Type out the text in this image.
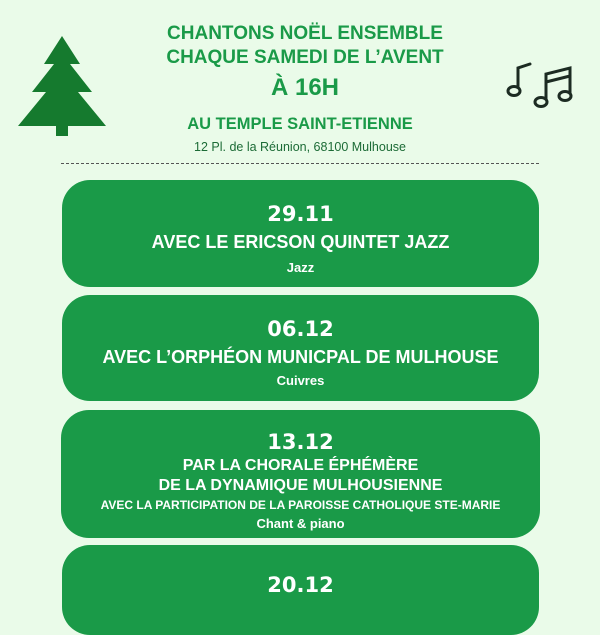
CHANTONS NOËL ENSEMBLE
CHAQUE SAMEDI DE L’AVENT
À 16H
AU TEMPLE SAINT-ETIENNE
12 Pl. de la Réunion, 68100 Mulhouse
29.11
AVEC LE ERICSON QUINTET JAZZ
Jazz
06.12
AVEC L’ORPHÉON MUNICPAL DE MULHOUSE
Cuivres
13.12
PAR LA CHORALE ÉPHÉMÈRE
DE LA DYNAMIQUE MULHOUSIENNE
AVEC LA PARTICIPATION DE LA PAROISSE CATHOLIQUE STE-MARIE
Chant & piano
20.12
